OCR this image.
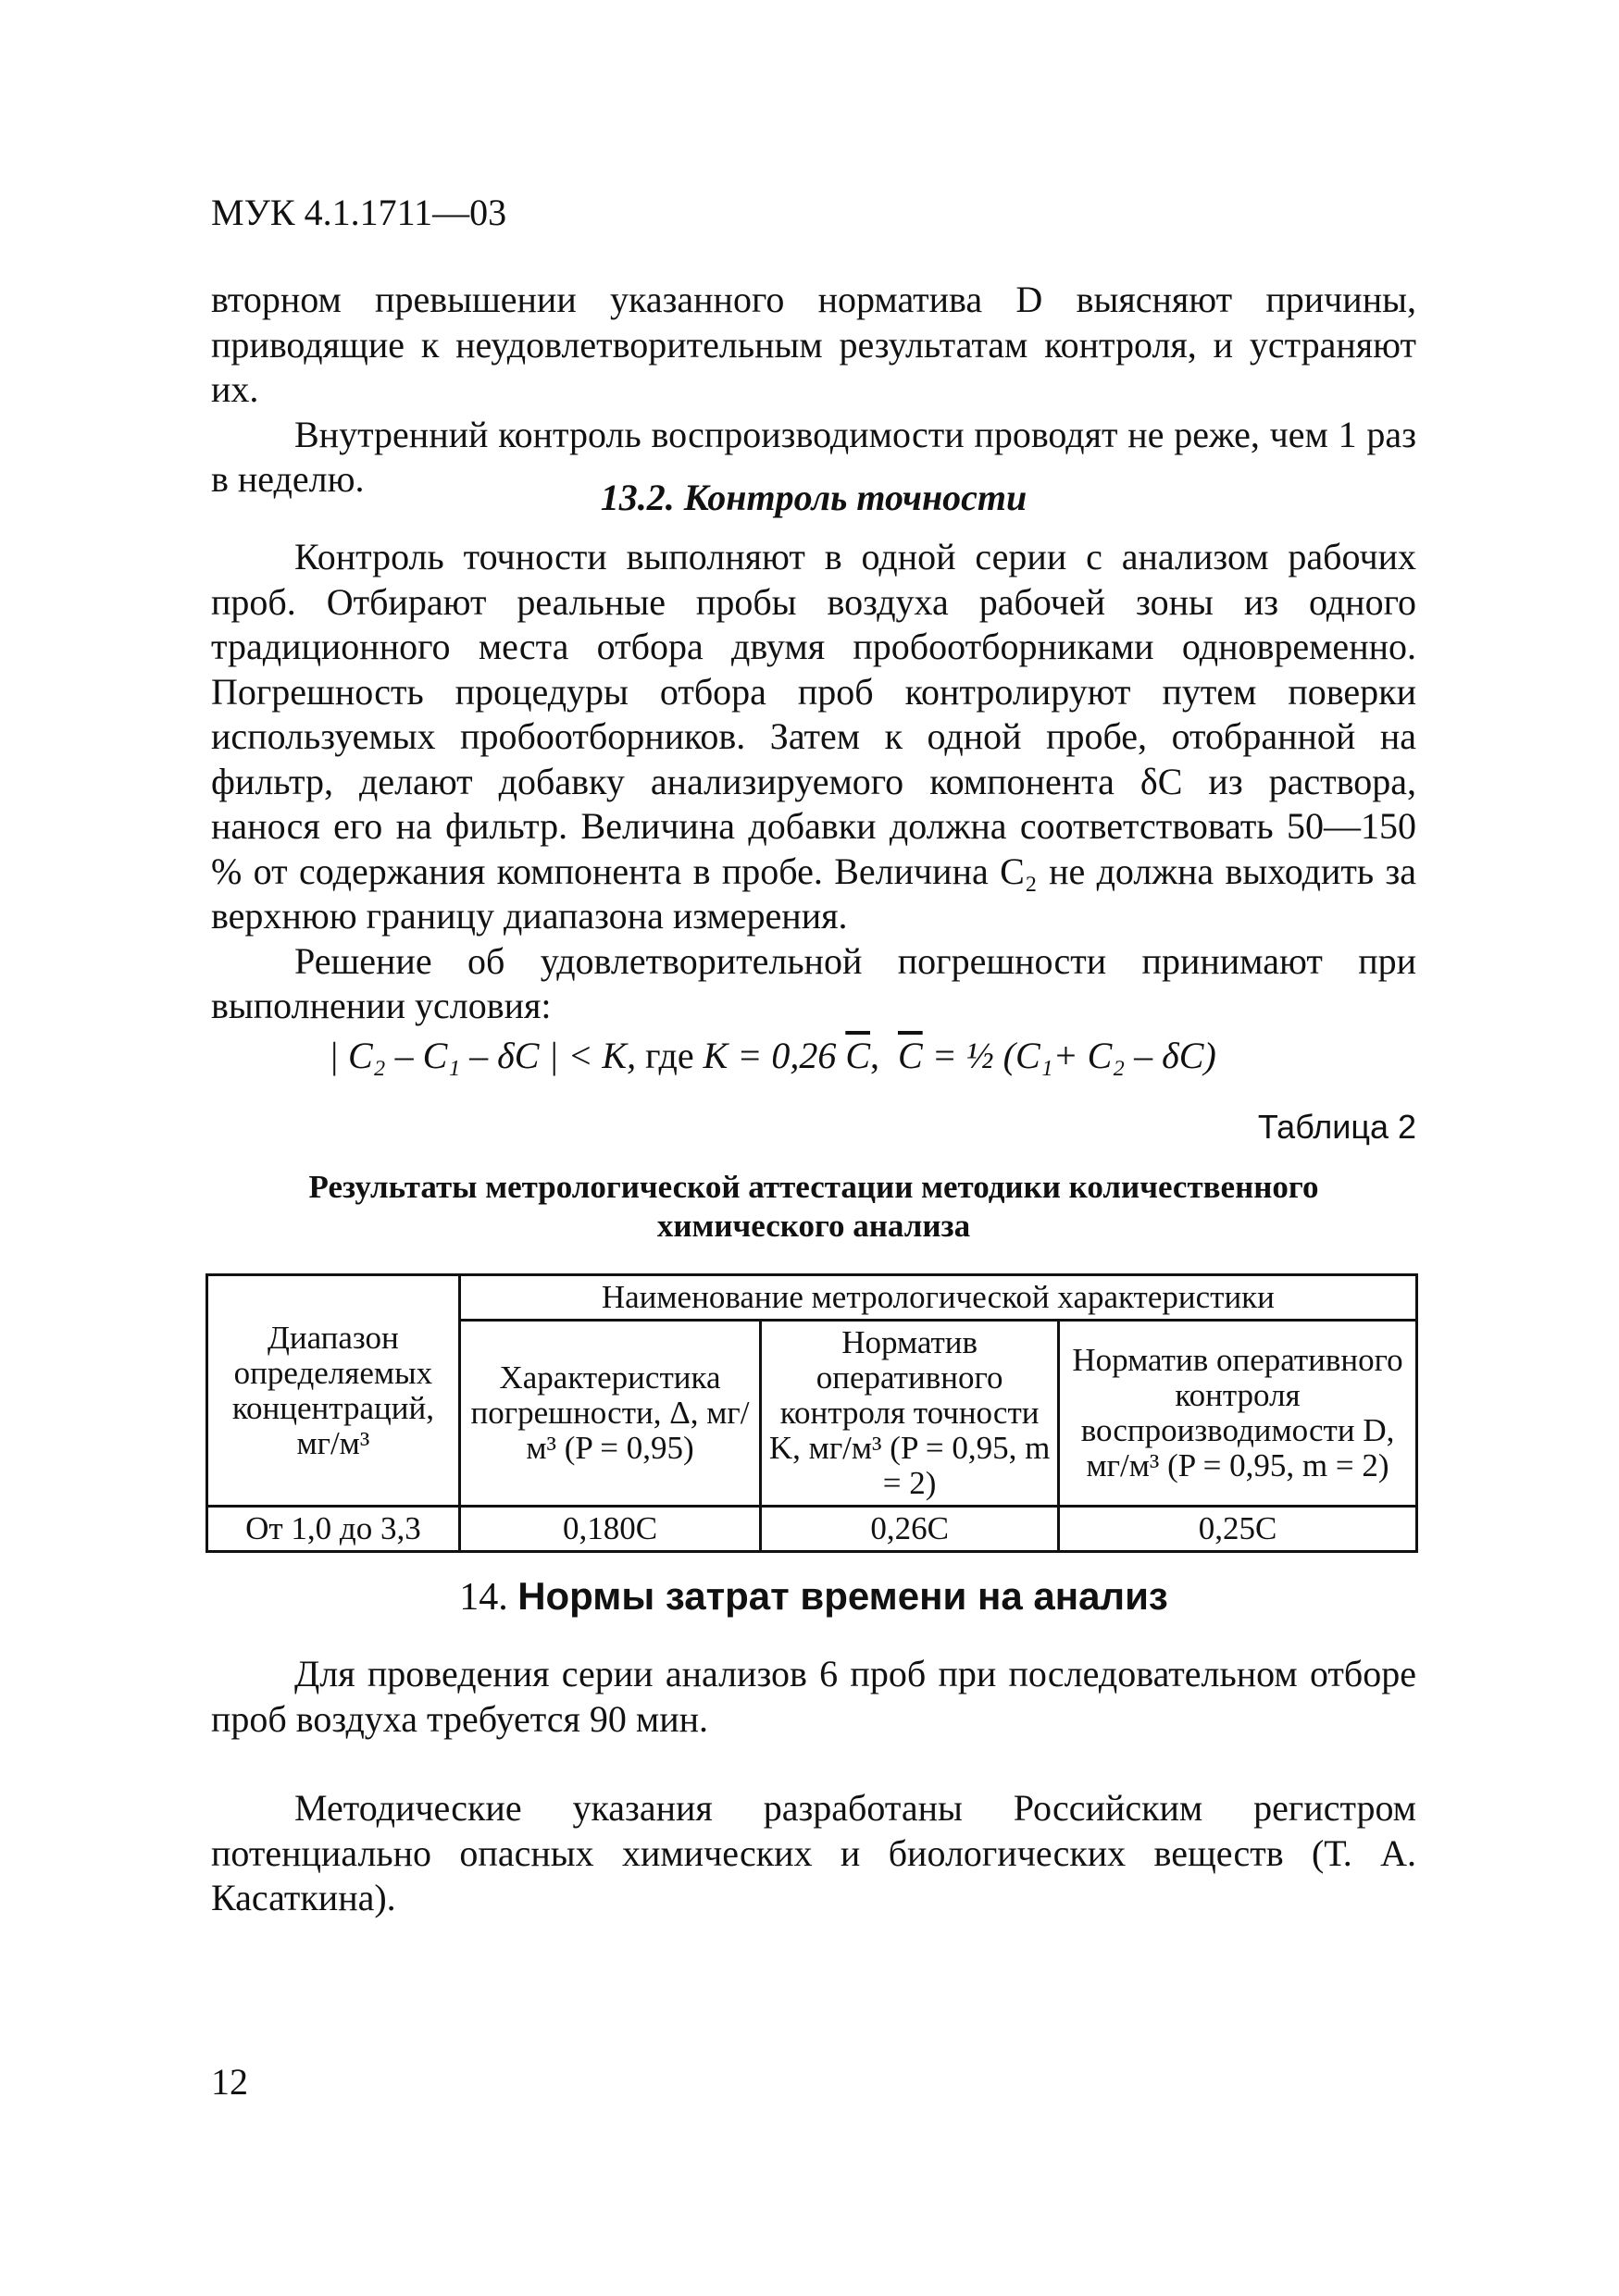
МУК 4.1.1711—03

вторном превышении указанного норматива D выясняют причины, приводящие к неудовлетворительным результатам контроля, и устраняют их.

Внутренний контроль воспроизводимости проводят не реже, чем 1 раз в неделю.	13.2. Контроль точности

Контроль точности выполняют в одной серии с анализом рабочих проб. Отбирают реальные пробы воздуха рабочей зоны из одного традиционного места отбора двумя пробоотборниками одновременно. Погрешность процедуры отбора проб контролируют путем поверки используемых пробоотборников. Затем к одной пробе, отобранной на фильтр, делают добавку анализируемого компонента δC из раствора, нанося его на фильтр. Величина добавки должна соответствовать 50—150 % от содержания компонента в пробе. Величина C₂ не должна выходить за верхнюю границу диапазона измерения.

Решение об удовлетворительной погрешности принимают при выполнении условия:

| C₂ – C₁ – δC | < K, где K = 0,26 $\overline{C}$, $\overline{C}$ = ½ (C₁+ C₂ – δC)
Таблица 2
Результаты метрологической аттестации методики количественного
химического анализа
Диапазон определяемых концентраций, мг/м³	Наименование метрологической характеристики		
	Характеристика погрешности, Δ, мг/м³ (P = 0,95)	Норматив оперативного контроля точности K, мг/м³ (P = 0,95, m = 2)	Норматив оперативного контроля воспроизводимости D, мг/м³ (P = 0,95, m = 2)
От 1,0 до 3,3	0,180C	0,26C	0,25C
14. Нормы затрат времени на анализ

Для проведения серии анализов 6 проб при последовательном отборе проб воздуха требуется 90 мин.

Методические указания разработаны Российским регистром потенциально опасных химических и биологических веществ (Т. А. Касаткина).

12
